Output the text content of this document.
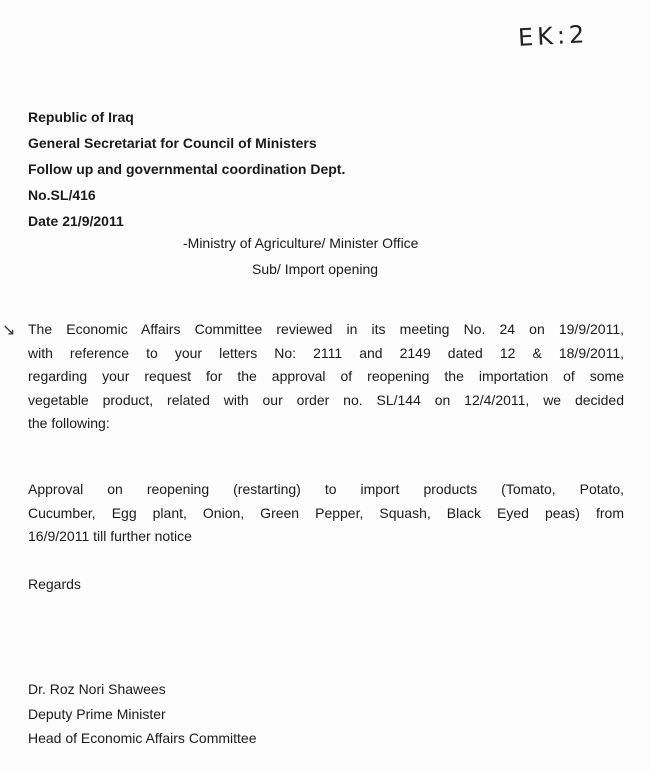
EK:2
Republic of Iraq
General Secretariat for Council of Ministers
Follow up and governmental coordination Dept.
No.SL/416
Date 21/9/2011
-Ministry of Agriculture/ Minister Office
Sub/ Import opening
↘ The Economic Affairs Committee reviewed in its meeting No. 24 on 19/9/2011,
with reference to your letters No: 2111 and 2149 dated 12 & 18/9/2011,
regarding your request for the approval of reopening the importation of some
vegetable product, related with our order no. SL/144 on 12/4/2011, we decided
the following:
Approval on reopening (restarting) to import products (Tomato, Potato,
Cucumber, Egg plant, Onion, Green Pepper, Squash, Black Eyed peas) from
16/9/2011 till further notice
Regards
Dr. Roz Nori Shawees
Deputy Prime Minister
Head of Economic Affairs Committee
